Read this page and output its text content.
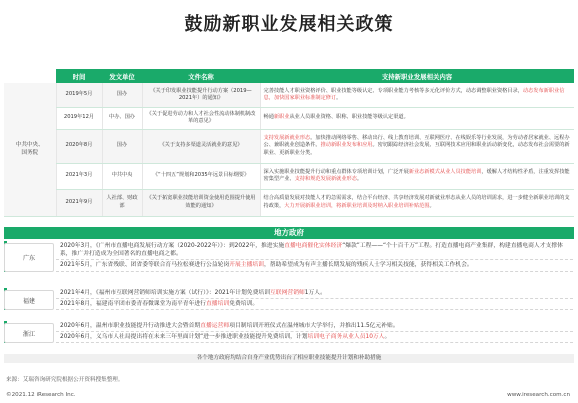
鼓励新职业发展相关政策
	时间	发文单位	文件名称	支持新职业发展相关内容
中共中央、
国务院	2019年5月	国办	《关于印发职业技能提升行动方案（2019—2021年）的通知》	完善技能人才职业资格评价、职业技能等级认定、专项职业能力考核等多元化评价方式，动态调整职业资格目录，动态发布新职业信息，加快国家职业标准制定修订。
	2019年12月	中办、国办	《关于促进劳动力和人才社会性流动体制机制改革的意见》	畅通新职业从业人员职业资格、职称、职业技能等级认定渠道。
	2020年8月	国办	《关于支持多渠道灵活就业的意见》	支持发展新就业形态。加快推动网络零售、移动出行、线上教育培训、互联网医疗、在线娱乐等行业发展，为劳动者居家就业、远程办公、兼职就业创造条件。推动新职业发布和应用。密切跟踪经济社会发展、互联网技术应用和职业活动新变化，动态发布社会需要的新职业、更新职业分类。
	2021年3月	中共中央	《“十四五”规划和2035年远景目标纲要》	深入实施职业技能提升行动和重点群体专项培训计划，广泛开展新业态新模式从业人员技能培训，缓解人才结构性矛盾，注重发挥技能密集型产业、支持和规范发展新就业形态。
	2021年9月	人社部、财政部	《关于拓宽职业技能培训资金使用范围提升使用效能的通知》	结合高质量发展对技能人才的急需需求，结合平台经济、共享经济发展对新就业形态从业人员的培训需求，进一步健全新职业培训的支持政策，大力开展新职业培训，将新职业培训及时纳入职业培训补贴范围。
地方政府
广东
2020年3月，《广州市直播电商发展行动方案（2020-2022年）》：到2022年，推进实施直播电商催化实体经济“爆款”工程——“个十百千万”工程。打造直播电商产业集群，构建直播电商人才支撑体系，推广并打造成为全国著名的直播电商之都。
2021年5月，广东省残联、团省委等联合育马拉松赛进行公益轮岗开展主播培训，帮助希望成为有声主播长期发展的残疾人士学习相关技能，获得相关工作机会。
福建
2021年4月，《福州市互联网营销师培训实施方案（试行）》：2021年计划免费培训互联网营销师1万人。
2021年8月，福建南平团市委青春微课堂为南平青年进行直播培训免费培训。
浙江
2020年6月，温州市职业技能提升行动推进大会暨首期直播运营师项目制培训开班仪式在温州城市大学举行，并推出11.5亿元补贴。
2020年6月，义乌市人社局提出将在未来三年里面计划“进一步推进职业技能提升免费培训，计划培训电子商务从业人员10万人。
各个地方政府均结合自身产业优势出台了相应职业技能提升计划和补助措施
来源：艾瑞咨询研究院根据公开资料搜集整理。
©2021.12 iResearch Inc.	www.iresearch.com.cn
